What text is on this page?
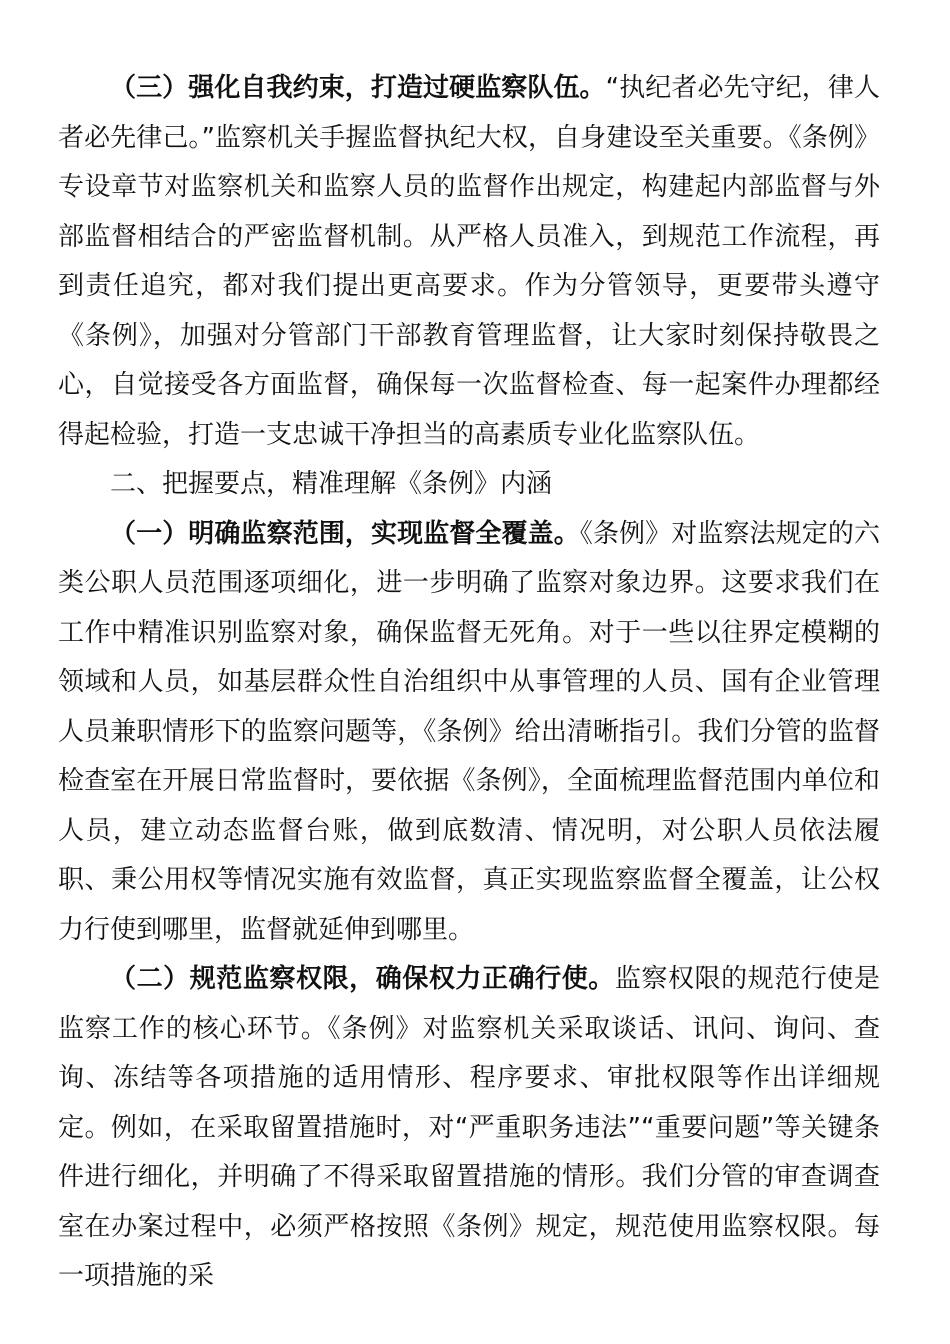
（三）强化自我约束，打造过硬监察队伍。“执纪者必先守纪，律人者必先律己。”监察机关手握监督执纪大权，自身建设至关重要。《条例》专设章节对监察机关和监察人员的监督作出规定，构建起内部监督与外部监督相结合的严密监督机制。从严格人员准入，到规范工作流程，再到责任追究，都对我们提出更高要求。作为分管领导，更要带头遵守《条例》，加强对分管部门干部教育管理监督，让大家时刻保持敬畏之心，自觉接受各方面监督，确保每一次监督检查、每一起案件办理都经得起检验，打造一支忠诚干净担当的高素质专业化监察队伍。

二、把握要点，精准理解《条例》内涵

（一）明确监察范围，实现监督全覆盖。《条例》对监察法规定的六类公职人员范围逐项细化，进一步明确了监察对象边界。这要求我们在工作中精准识别监察对象，确保监督无死角。对于一些以往界定模糊的领域和人员，如基层群众性自治组织中从事管理的人员、国有企业管理人员兼职情形下的监察问题等，《条例》给出清晰指引。我们分管的监督检查室在开展日常监督时，要依据《条例》，全面梳理监督范围内单位和人员，建立动态监督台账，做到底数清、情况明，对公职人员依法履职、秉公用权等情况实施有效监督，真正实现监察监督全覆盖，让公权力行使到哪里，监督就延伸到哪里。

（二）规范监察权限，确保权力正确行使。监察权限的规范行使是监察工作的核心环节。《条例》对监察机关采取谈话、讯问、询问、查询、冻结等各项措施的适用情形、程序要求、审批权限等作出详细规定。例如，在采取留置措施时，对“严重职务违法”“重要问题”等关键条件进行细化，并明确了不得采取留置措施的情形。我们分管的审查调查室在办案过程中，必须严格按照《条例》规定，规范使用监察权限。每一项措施的采
